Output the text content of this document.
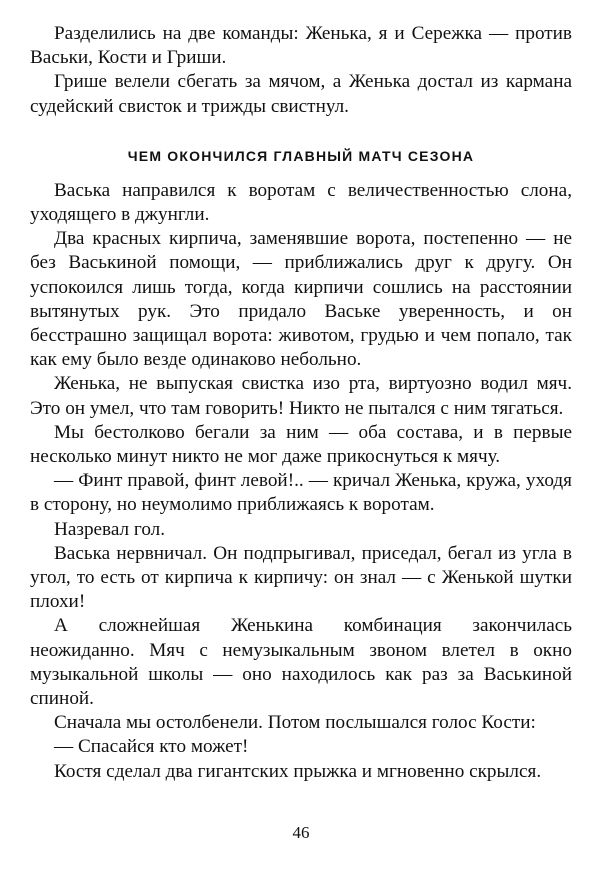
Разделились на две команды: Женька, я и Сережка — против Васьки, Кости и Гриши.

Грише велели сбегать за мячом, а Женька достал из кармана судейский свисток и трижды свистнул.

ЧЕМ ОКОНЧИЛСЯ ГЛАВНЫЙ МАТЧ СЕЗОНА

Васька направился к воротам с величественностью слона, уходящего в джунгли.

Два красных кирпича, заменявшие ворота, постепенно — не без Васькиной помощи, — приближались друг к другу. Он успокоился лишь тогда, когда кирпичи сошлись на расстоянии вытянутых рук. Это придало Ваське уверенность, и он бесстрашно защищал ворота: животом, грудью и чем попало, так как ему было везде одинаково небольно.

Женька, не выпуская свистка изо рта, виртуозно водил мяч. Это он умел, что там говорить! Никто не пытался с ним тягаться.

Мы бестолково бегали за ним — оба состава, и в первые несколько минут никто не мог даже прикоснуться к мячу.

— Финт правой, финт левой!.. — кричал Женька, кружа, уходя в сторону, но неумолимо приближаясь к воротам.

Назревал гол.

Васька нервничал. Он подпрыгивал, приседал, бегал из угла в угол, то есть от кирпича к кирпичу: он знал — с Женькой шутки плохи!

А сложнейшая Женькина комбинация закончилась неожиданно. Мяч с немузыкальным звоном влетел в окно музыкальной школы — оно находилось как раз за Васькиной спиной.

Сначала мы остолбенели. Потом послышался голос Кости:

— Спасайся кто может!

Костя сделал два гигантских прыжка и мгновенно скрылся.

46
